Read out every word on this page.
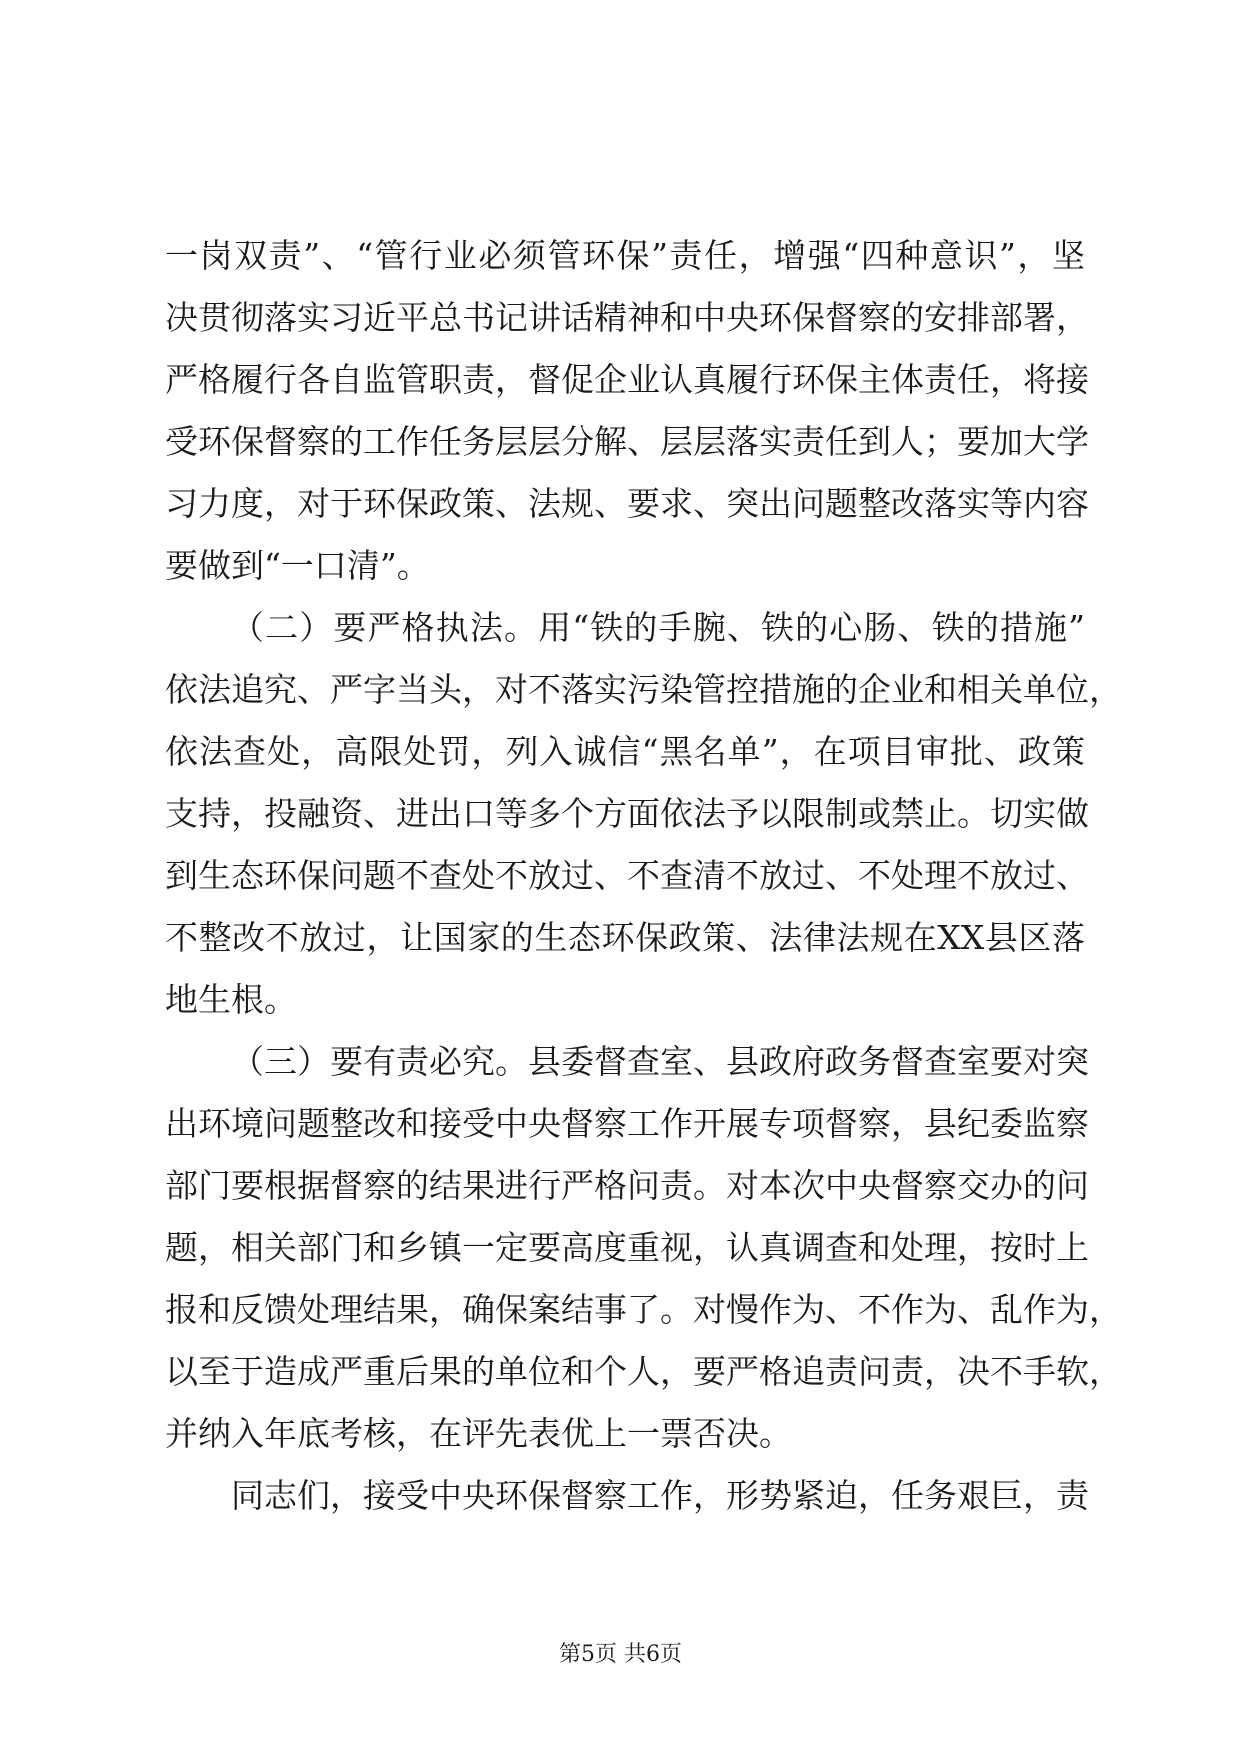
一岗双责”、“管行业必须管环保”责任，增强“四种意识”，坚
决贯彻落实习近平总书记讲话精神和中央环保督察的安排部署，
严格履行各自监管职责，督促企业认真履行环保主体责任，将接
受环保督察的工作任务层层分解、层层落实责任到人；要加大学
习力度，对于环保政策、法规、要求、突出问题整改落实等内容
要做到“一口清”。
（二）要严格执法。用“铁的手腕、铁的心肠、铁的措施”
依法追究、严字当头，对不落实污染管控措施的企业和相关单位，
依法查处，高限处罚，列入诚信“黑名单”，在项目审批、政策
支持，投融资、进出口等多个方面依法予以限制或禁止。切实做
到生态环保问题不查处不放过、不查清不放过、不处理不放过、
不整改不放过，让国家的生态环保政策、法律法规在XX县区落
地生根。
（三）要有责必究。县委督查室、县政府政务督查室要对突
出环境问题整改和接受中央督察工作开展专项督察，县纪委监察
部门要根据督察的结果进行严格问责。对本次中央督察交办的问
题，相关部门和乡镇一定要高度重视，认真调查和处理，按时上
报和反馈处理结果，确保案结事了。对慢作为、不作为、乱作为，
以至于造成严重后果的单位和个人，要严格追责问责，决不手软，
并纳入年底考核，在评先表优上一票否决。
同志们，接受中央环保督察工作，形势紧迫，任务艰巨，责
第5页 共6页
